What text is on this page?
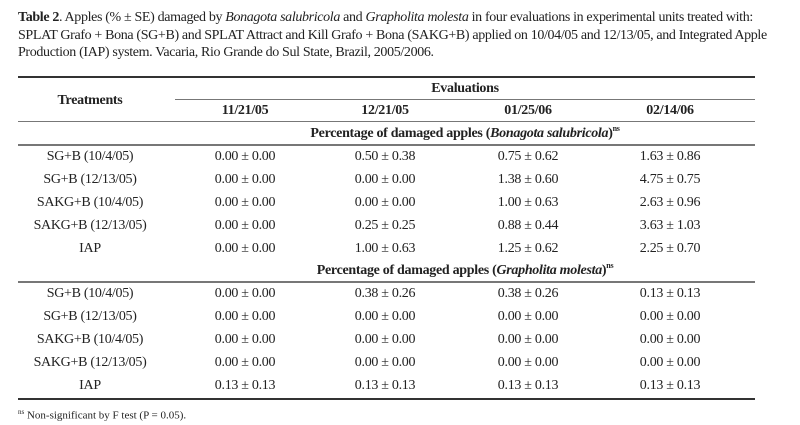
Table 2. Apples (% ± SE) damaged by Bonagota salubricola and Grapholita molesta in four evaluations in experimental units treated with: SPLAT Grafo + Bona (SG+B) and SPLAT Attract and Kill Grafo + Bona (SAKG+B) applied on 10/04/05 and 12/13/05, and Integrated Apple Production (IAP) system. Vacaria, Rio Grande do Sul State, Brazil, 2005/2006.
Treatments
Evaluations
11/21/05	12/21/05	01/25/06	02/14/06
Percentage of damaged apples (Bonagota salubricola)$^{ns}$
SG+B (10/4/05)	0.00 ± 0.00	0.50 ± 0.38	0.75 ± 0.62	1.63 ± 0.86
SG+B (12/13/05)	0.00 ± 0.00	0.00 ± 0.00	1.38 ± 0.60	4.75 ± 0.75
SAKG+B (10/4/05)	0.00 ± 0.00	0.00 ± 0.00	1.00 ± 0.63	2.63 ± 0.96
SAKG+B (12/13/05)	0.00 ± 0.00	0.25 ± 0.25	0.88 ± 0.44	3.63 ± 1.03
IAP	0.00 ± 0.00	1.00 ± 0.63	1.25 ± 0.62	2.25 ± 0.70
Percentage of damaged apples (Grapholita molesta)$^{ns}$
SG+B (10/4/05)	0.00 ± 0.00	0.38 ± 0.26	0.38 ± 0.26	0.13 ± 0.13
SG+B (12/13/05)	0.00 ± 0.00	0.00 ± 0.00	0.00 ± 0.00	0.00 ± 0.00
SAKG+B (10/4/05)	0.00 ± 0.00	0.00 ± 0.00	0.00 ± 0.00	0.00 ± 0.00
SAKG+B (12/13/05)	0.00 ± 0.00	0.00 ± 0.00	0.00 ± 0.00	0.00 ± 0.00
IAP	0.13 ± 0.13	0.13 ± 0.13	0.13 ± 0.13	0.13 ± 0.13
$^{ns}$ Non-significant by F test (P = 0.05).
